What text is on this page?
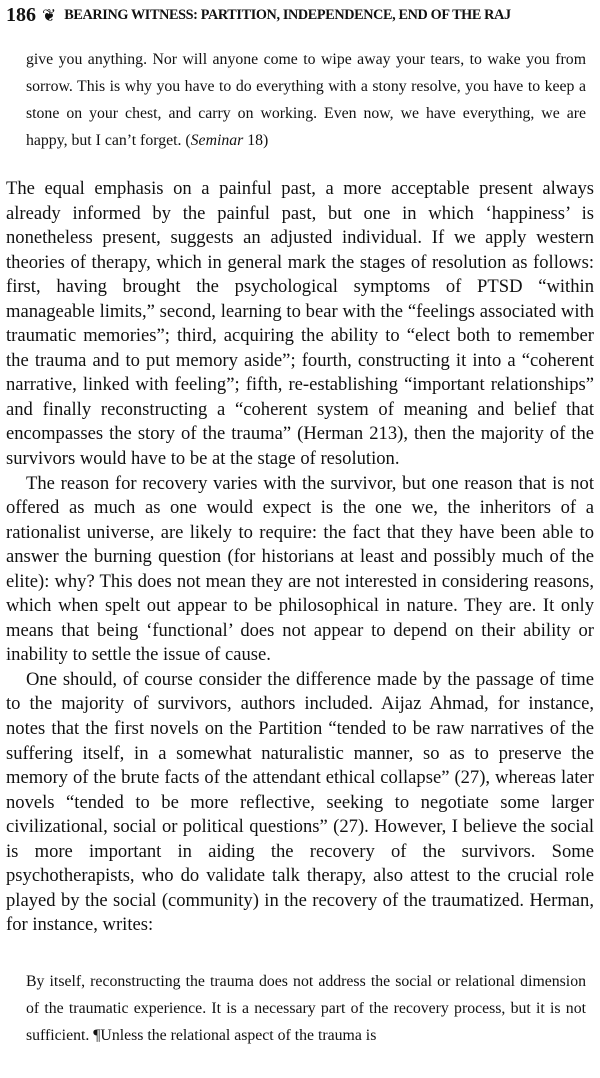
186 ❦ BEARING WITNESS: PARTITION, INDEPENDENCE, END OF THE RAJ

give you anything. Nor will anyone come to wipe away your tears, to wake you from sorrow. This is why you have to do everything with a stony resolve, you have to keep a stone on your chest, and carry on working. Even now, we have everything, we are happy, but I can’t forget. (Seminar 18)

The equal emphasis on a painful past, a more acceptable present always already informed by the painful past, but one in which ‘happiness’ is nonetheless present, suggests an adjusted individual. If we apply western theories of therapy, which in general mark the stages of resolution as follows: first, having brought the psychological symptoms of PTSD “within manageable limits,” second, learning to bear with the “feelings associated with traumatic memories”; third, acquiring the ability to “elect both to remember the trauma and to put memory aside”; fourth, constructing it into a “coherent narrative, linked with feeling”; fifth, re-establishing “important relationships” and finally reconstructing a “coherent system of meaning and belief that encompasses the story of the trauma” (Herman 213), then the majority of the survivors would have to be at the stage of resolution.

The reason for recovery varies with the survivor, but one reason that is not offered as much as one would expect is the one we, the inheritors of a rationalist universe, are likely to require: the fact that they have been able to answer the burning question (for historians at least and possibly much of the elite): why? This does not mean they are not interested in considering reasons, which when spelt out appear to be philosophical in nature. They are. It only means that being ‘functional’ does not appear to depend on their ability or inability to settle the issue of cause.

One should, of course consider the difference made by the passage of time to the majority of survivors, authors included. Aijaz Ahmad, for instance, notes that the first novels on the Partition “tended to be raw narratives of the suffering itself, in a somewhat naturalistic manner, so as to preserve the memory of the brute facts of the attendant ethical collapse” (27), whereas later novels “tended to be more reflective, seeking to negotiate some larger civilizational, social or political questions” (27). However, I believe the social is more important in aiding the recovery of the survivors. Some psychotherapists, who do validate talk therapy, also attest to the crucial role played by the social (community) in the recovery of the traumatized. Herman, for instance, writes:

By itself, reconstructing the trauma does not address the social or relational dimension of the traumatic experience. It is a necessary part of the recovery process, but it is not sufficient. ¶Unless the relational aspect of the trauma is
